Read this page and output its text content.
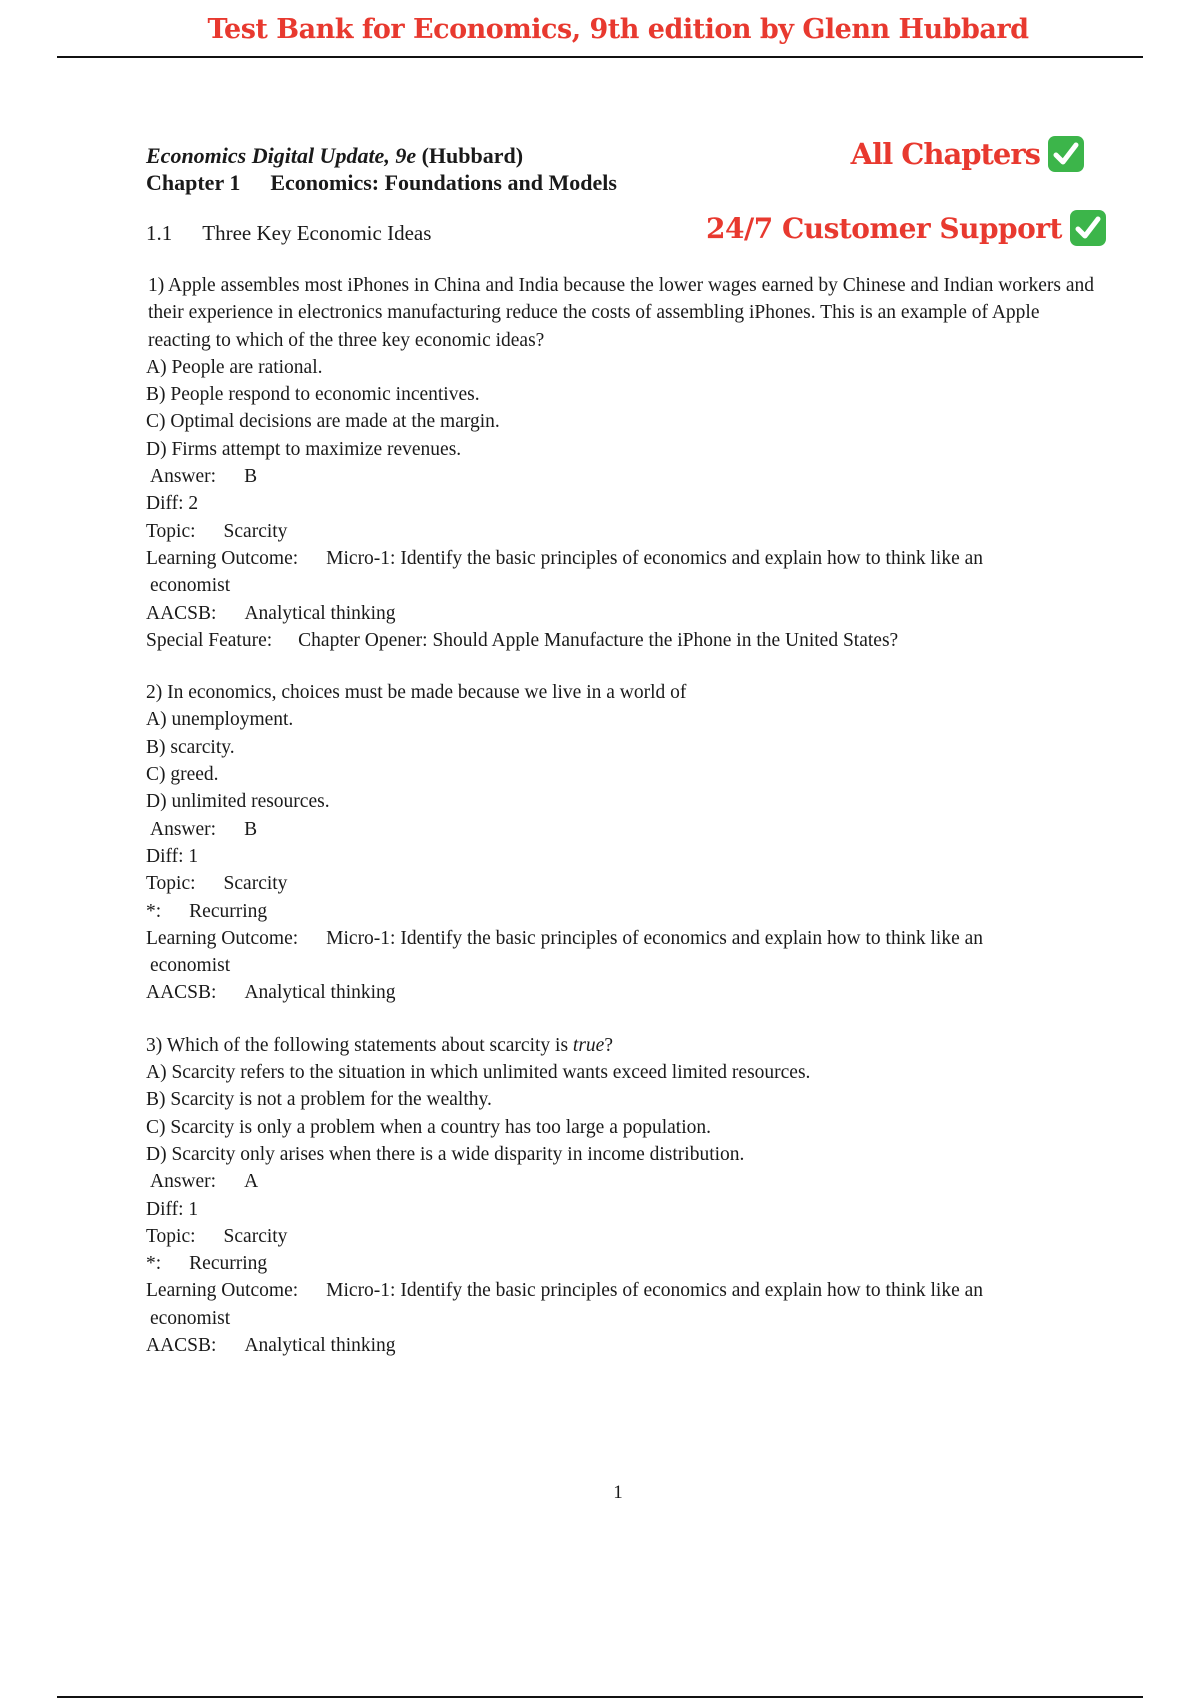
Test Bank for Economics, 9th edition by Glenn Hubbard
All Chapters
24/7 Customer Support
Economics Digital Update, 9e (Hubbard)
Chapter 1 Economics: Foundations and Models
1.1 Three Key Economic Ideas
1) Apple assembles most iPhones in China and India because the lower wages earned by Chinese and Indian workers and their experience in electronics manufacturing reduce the costs of assembling iPhones. This is an example of Apple reacting to which of the three key economic ideas?
A) People are rational.
B) People respond to economic incentives.
C) Optimal decisions are made at the margin.
D) Firms attempt to maximize revenues.
Answer: B
Diff: 2
Topic: Scarcity
Learning Outcome: Micro-1: Identify the basic principles of economics and explain how to think like an
economist
AACSB: Analytical thinking
Special Feature: Chapter Opener: Should Apple Manufacture the iPhone in the United States?
2) In economics, choices must be made because we live in a world of
A) unemployment.
B) scarcity.
C) greed.
D) unlimited resources.
Answer: B
Diff: 1
Topic: Scarcity
*: Recurring
Learning Outcome: Micro-1: Identify the basic principles of economics and explain how to think like an
economist
AACSB: Analytical thinking
3) Which of the following statements about scarcity is true?
A) Scarcity refers to the situation in which unlimited wants exceed limited resources.
B) Scarcity is not a problem for the wealthy.
C) Scarcity is only a problem when a country has too large a population.
D) Scarcity only arises when there is a wide disparity in income distribution.
Answer: A
Diff: 1
Topic: Scarcity
*: Recurring
Learning Outcome: Micro-1: Identify the basic principles of economics and explain how to think like an
economist
AACSB: Analytical thinking
1
